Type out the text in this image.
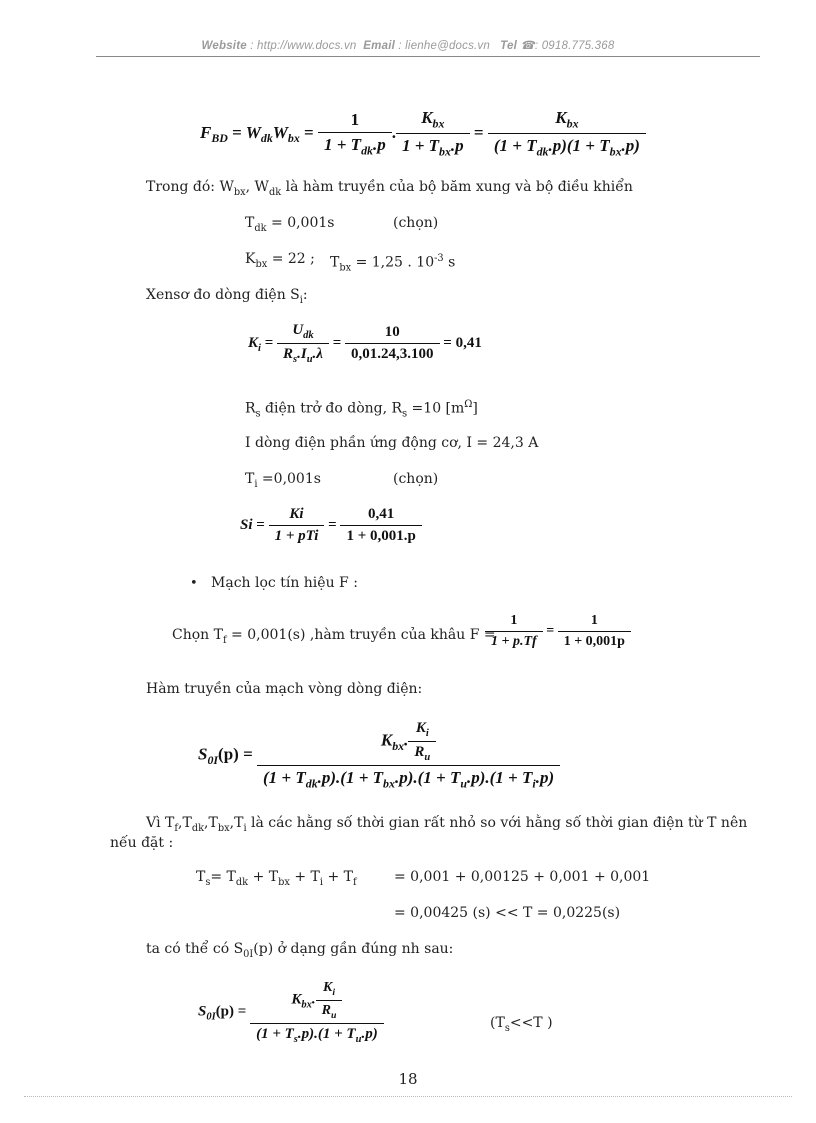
Website : http://www.docs.vn Email : lienhe@docs.vn Tel ☎: 0918.775.368
$F_{BD} = W_{dk}W_{bx} = \frac{1}{1 + T_{dk}.p}$ . $\frac{K_{bx}}{1 + T_{bx}.p} = \frac{K_{bx}}{(1 + T_{dk}.p)(1 + T_{bx}.p)}$
Trong đó: $W_{bx}$, $W_{dk}$ là hàm truyền của bộ băm xung và bộ điều khiển
$T_{dk} = 0,001s$	(chọn)
$K_{bx} = 22$ ; $T_{bx} = 1,25$ . $10^{-3}$ s
Xensơ đo dòng điện $S_i$:
$K_i = \frac{U_{dk}}{R_s.I_u.\lambda} = \frac{10}{0,01.24,3.100} = 0,41$
$R_s$ điện trở đo dòng, $R_s =10$ $[m^\Omega]$
I dòng điện phần ứng động cơ, I = 24,3 A
$T_i =0,001s$	(chọn)
$Si = \frac{Ki}{\text{1 + pTi}} = \frac{0,41}{1 + 0,001.p}$
• Mạch lọc tín hiệu F :
Chọn $T_f = 0,001(s)$ ,hàm truyền của khâu F =
$\frac{1}{1 + p.Tf} = \frac{1}{1 + 0,001p}$
Hàm truyền của mạch vòng dòng điện:
$S_{0I}(p) = \frac{K_{bx}. \frac{K_i}{R_u}}{(1 + T_{dk}.p).(1 + T_{bx}.p).(1 + T_u.p).(1 + T_i.p)}$
Vì $T_f,T_{dk},T_{bx},T_i$ là các hằng số thời gian rất nhỏ so với hằng số thời gian điện từ T nên
nếu đặt :
$T_s= T_{dk} + T_{bx} + T_i + T_f$	= 0,001 + 0,00125 + 0,001 + 0,001
= 0,00425 (s) << T = 0,0225(s)
ta có thể có $S_{0I}(p)$ ở dạng gần đúng nh sau:
$S_{0I}(p) = \frac{K_{bx}. \frac{K_i}{R_u}}{(1 + T_s.p).(1 + T_u.p)}$	($T_s<<T$ )
18
